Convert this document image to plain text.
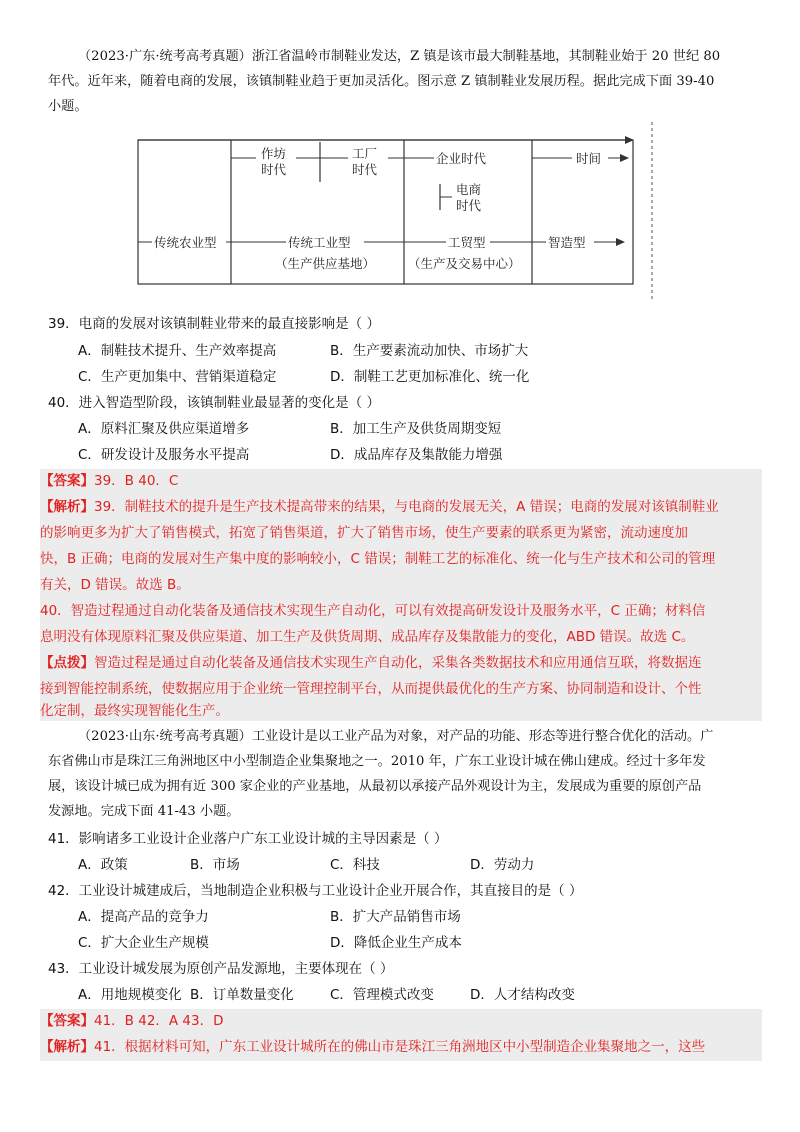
（2023·广东·统考高考真题）浙江省温岭市制鞋业发达，Z 镇是该市最大制鞋基地，其制鞋业始于 20 世纪 80
年代。近年来，随着电商的发展，该镇制鞋业趋于更加灵活化。图示意 Z 镇制鞋业发展历程。据此完成下面 39-40
小题。
作坊
时代
工厂
时代
企业时代	时间
电商
时代
传统农业型	传统工业型
（生产供应基地）
工贸型
（生产及交易中心）
智造型
39．电商的发展对该镇制鞋业带来的最直接影响是（ ）
A．制鞋技术提升、生产效率提高	B．生产要素流动加快、市场扩大
C．生产更加集中、营销渠道稳定	D．制鞋工艺更加标准化、统一化
40．进入智造型阶段，该镇制鞋业最显著的变化是（ ）
A．原料汇聚及供应渠道增多	B．加工生产及供货周期变短
C．研发设计及服务水平提高	D．成品库存及集散能力增强
【答案】39．B 40．C
【解析】39．制鞋技术的提升是生产技术提高带来的结果，与电商的发展无关，A 错误；电商的发展对该镇制鞋业
的影响更多为扩大了销售模式，拓宽了销售渠道，扩大了销售市场，使生产要素的联系更为紧密，流动速度加
快，B 正确；电商的发展对生产集中度的影响较小，C 错误；制鞋工艺的标准化、统一化与生产技术和公司的管理
有关，D 错误。故选 B。
40．智造过程通过自动化装备及通信技术实现生产自动化，可以有效提高研发设计及服务水平，C 正确；材料信
息明没有体现原料汇聚及供应渠道、加工生产及供货周期、成品库存及集散能力的变化，ABD 错误。故选 C。
【点拨】智造过程是通过自动化装备及通信技术实现生产自动化，采集各类数据技术和应用通信互联，将数据连
接到智能控制系统，使数据应用于企业统一管理控制平台，从而提供最优化的生产方案、协同制造和设计、个性
化定制，最终实现智能化生产。
（2023·山东·统考高考真题）工业设计是以工业产品为对象，对产品的功能、形态等进行整合优化的活动。广
东省佛山市是珠江三角洲地区中小型制造企业集聚地之一。2010 年，广东工业设计城在佛山建成。经过十多年发
展，该设计城已成为拥有近 300 家企业的产业基地，从最初以承接产品外观设计为主，发展成为重要的原创产品
发源地。完成下面 41-43 小题。
41．影响诸多工业设计企业落户广东工业设计城的主导因素是（ ）
A．政策	B．市场	C．科技	D．劳动力
42．工业设计城建成后，当地制造企业积极与工业设计企业开展合作，其直接目的是（ ）
A．提高产品的竞争力	B．扩大产品销售市场
C．扩大企业生产规模	D．降低企业生产成本
43．工业设计城发展为原创产品发源地，主要体现在（ ）
A．用地规模变化 B．订单数量变化	C．管理模式改变	D．人才结构改变
【答案】41．B 42．A 43．D
【解析】41．根据材料可知，广东工业设计城所在的佛山市是珠江三角洲地区中小型制造企业集聚地之一，这些
